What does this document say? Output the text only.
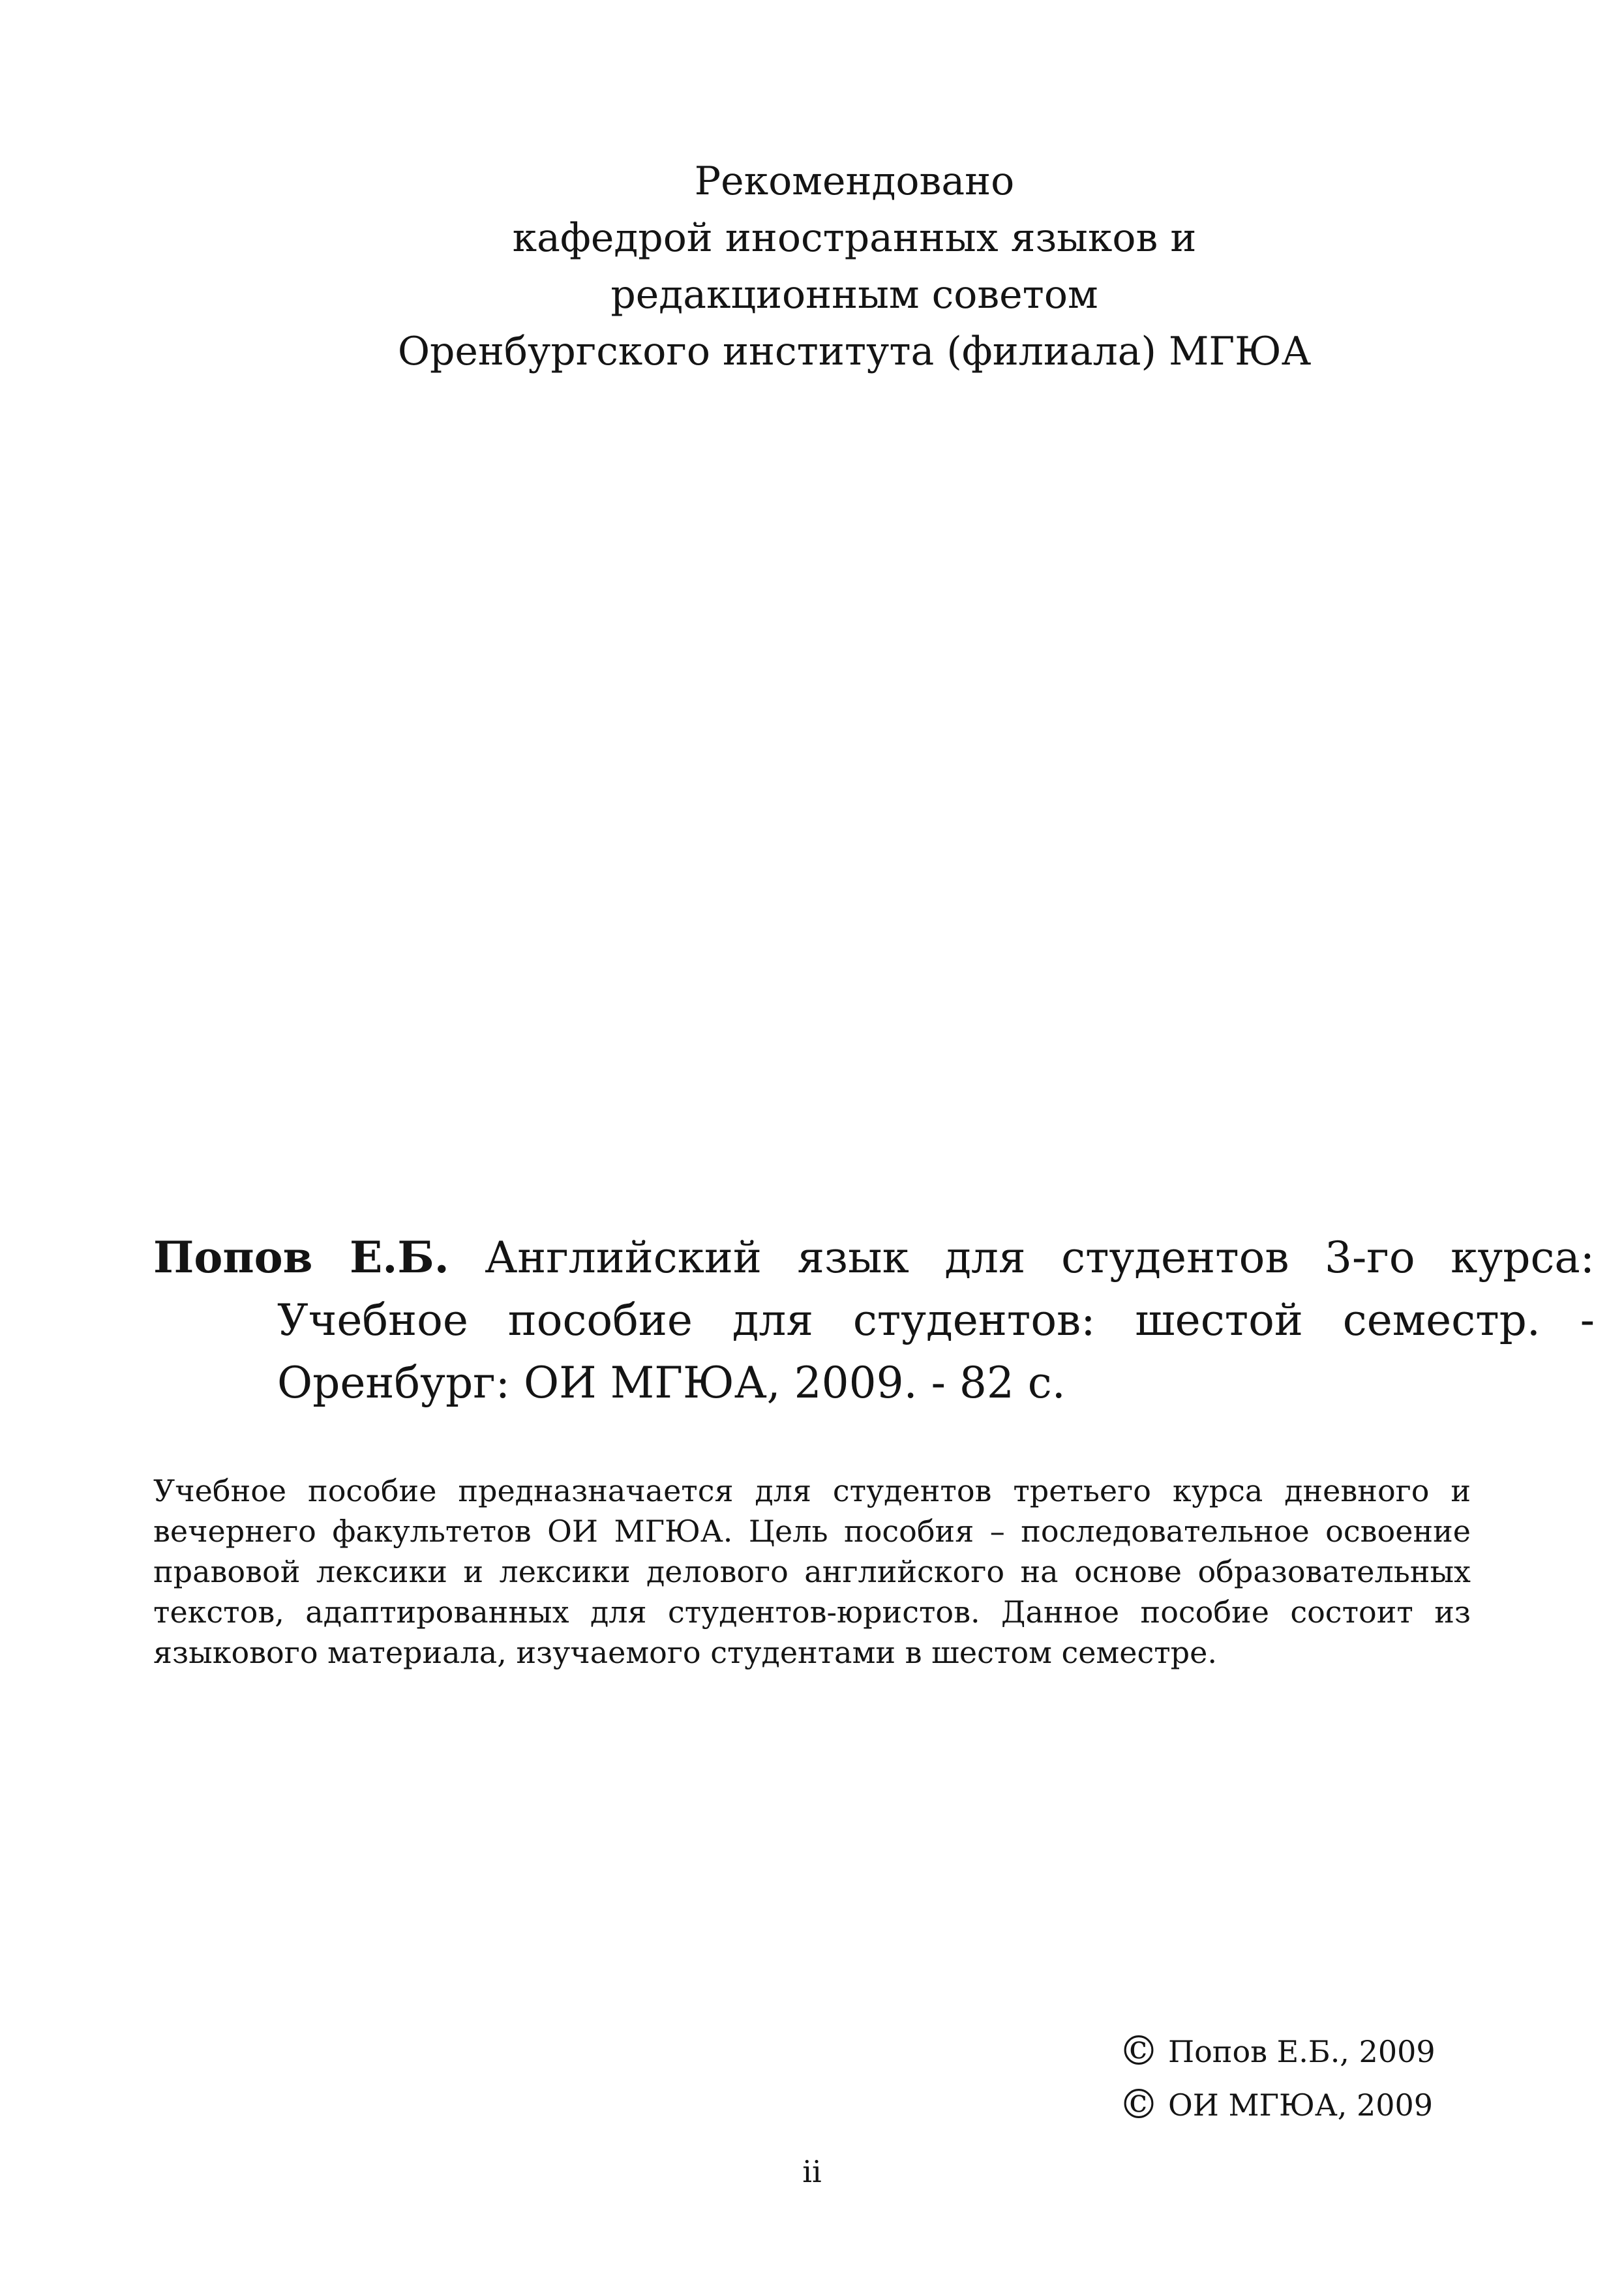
Рекомендовано
кафедрой иностранных языков и
редакционным советом
Оренбургского института (филиала) МГЮА
Попов Е.Б. Английский язык для студентов 3-го курса: Учебное пособие для студентов: шестой семестр. - Оренбург: ОИ МГЮА, 2009. - 82 с.
Учебное пособие предназначается для студентов третьего курса дневного и вечернего факультетов ОИ МГЮА. Цель пособия – последовательное освоение правовой лексики и лексики делового английского на основе образовательных текстов, адаптированных для студентов-юристов. Данное пособие состоит из языкового материала, изучаемого студентами в шестом семестре.
© Попов Е.Б., 2009
© ОИ МГЮА, 2009
ii
